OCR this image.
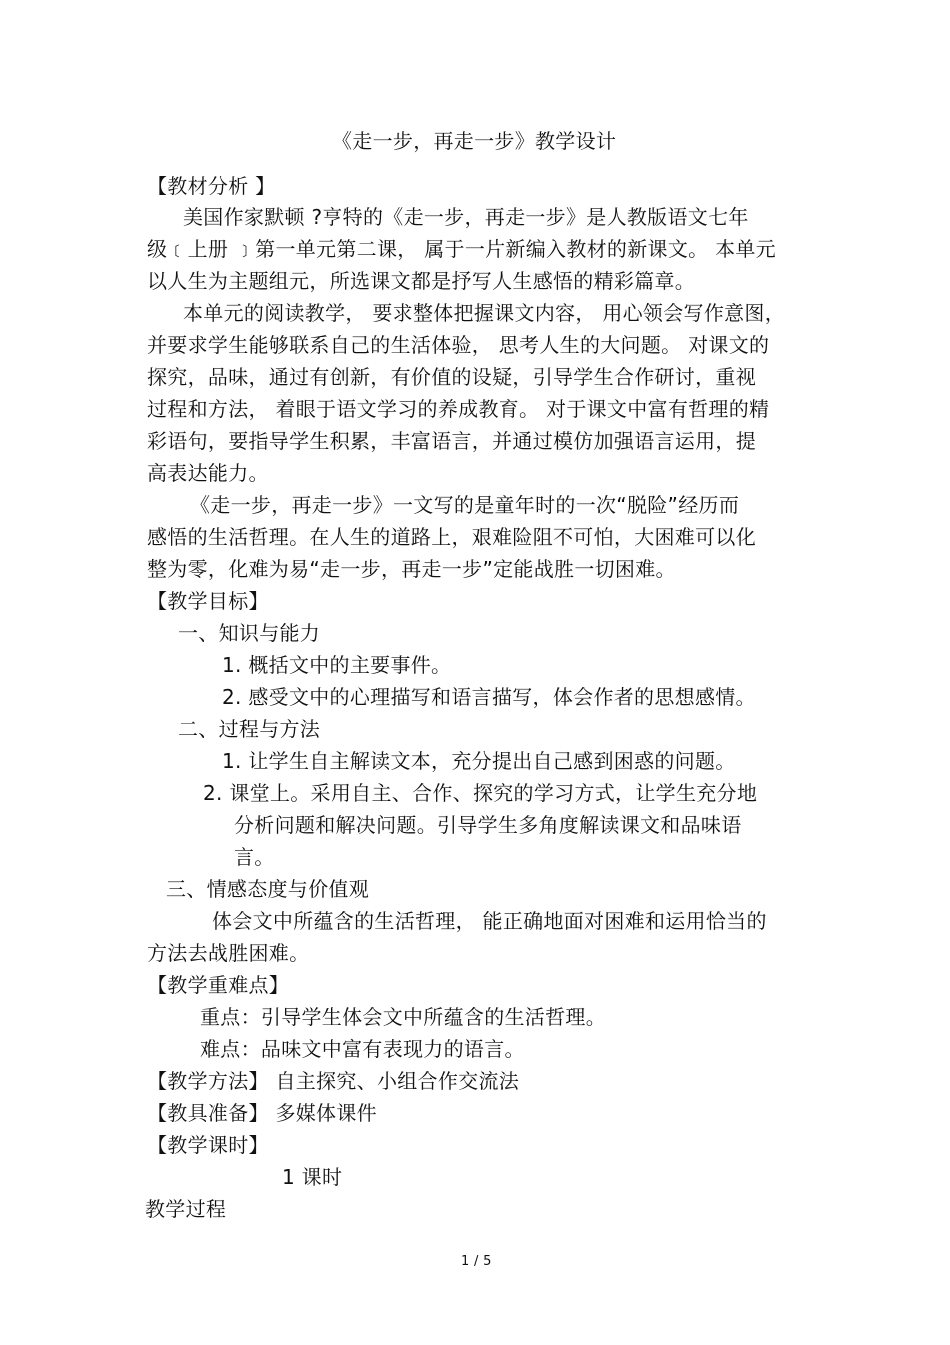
《走一步，再走一步》教学设计
【教材分析 】
美国作家默顿 ?亨特的《走一步，再走一步》是人教版语文七年
级﹝上册 ﹞第一单元第二课， 属于一片新编入教材的新课文。 本单元
以人生为主题组元，所选课文都是抒写人生感悟的精彩篇章。
本单元的阅读教学， 要求整体把握课文内容， 用心领会写作意图，
并要求学生能够联系自己的生活体验， 思考人生的大问题。 对课文的
探究，品味，通过有创新，有价值的设疑，引导学生合作研讨，重视
过程和方法， 着眼于语文学习的养成教育。 对于课文中富有哲理的精
彩语句，要指导学生积累，丰富语言，并通过模仿加强语言运用，提
高表达能力。
《走一步，再走一步》一文写的是童年时的一次“脱险”经历而
感悟的生活哲理。在人生的道路上，艰难险阻不可怕，大困难可以化
整为零，化难为易“走一步，再走一步”定能战胜一切困难。
【教学目标】
一、知识与能力
1. 概括文中的主要事件。
2. 感受文中的心理描写和语言描写，体会作者的思想感情。
二、过程与方法
1. 让学生自主解读文本，充分提出自己感到困惑的问题。
2. 课堂上。采用自主、合作、探究的学习方式，让学生充分地
分析问题和解决问题。引导学生多角度解读课文和品味语
言。
三、情感态度与价值观
体会文中所蕴含的生活哲理， 能正确地面对困难和运用恰当的
方法去战胜困难。
【教学重难点】
重点：引导学生体会文中所蕴含的生活哲理。
难点：品味文中富有表现力的语言。
【教学方法】 自主探究、小组合作交流法
【教具准备】 多媒体课件
【教学课时】
1 课时
教学过程
1 / 5
